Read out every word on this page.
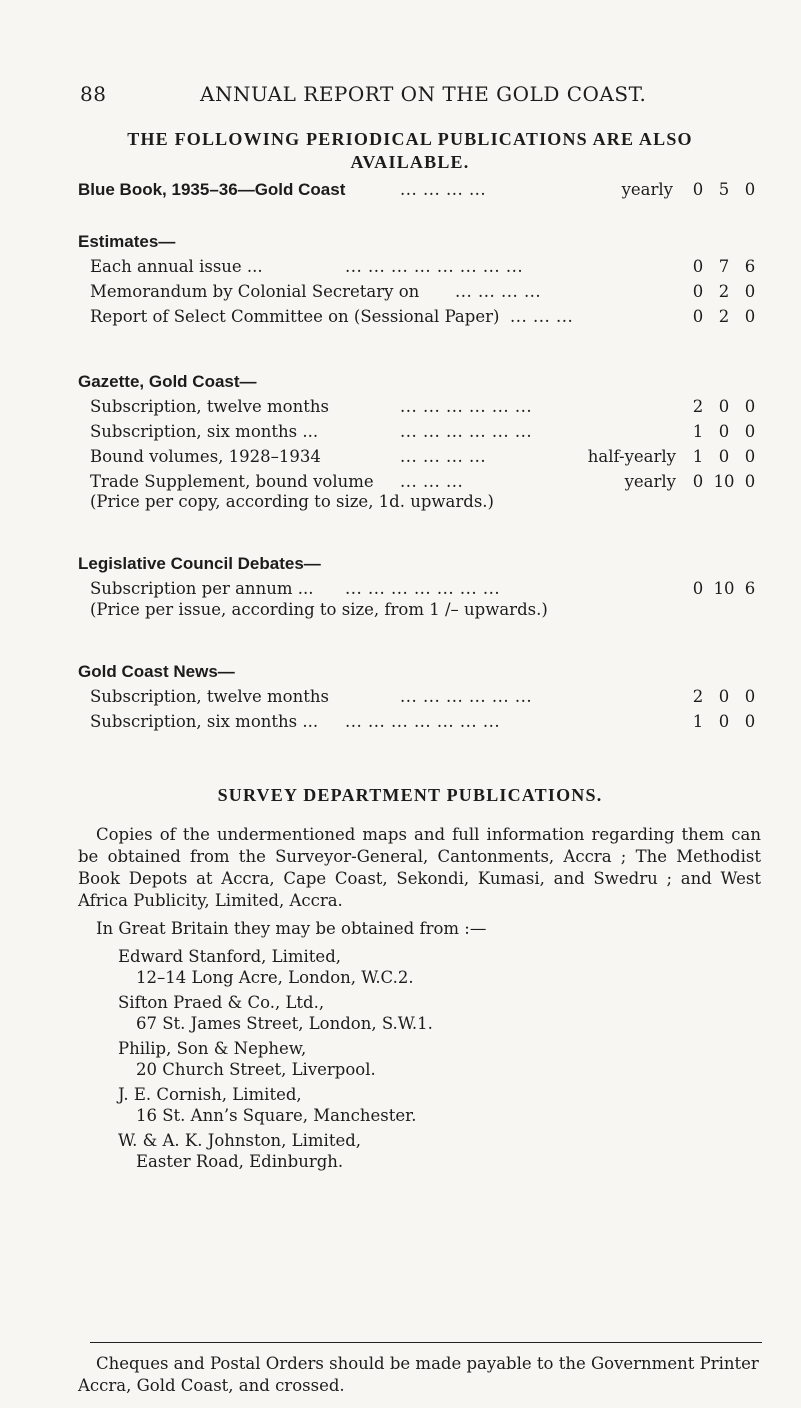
88	ANNUAL REPORT ON THE GOLD COAST.
THE FOLLOWING PERIODICAL PUBLICATIONS ARE ALSO
AVAILABLE.
Blue Book, 1935–36—Gold Coast	... ... ... ...	yearly	0 5 0
Estimates—
Each annual issue ...	... ... ... ... ... ... ... ...	0 7 6
Memorandum by Colonial Secretary on ... ... ... ...	0 2 0
Report of Select Committee on (Sessional Paper) ... ... ...	0 2 0
Gazette, Gold Coast—
Subscription, twelve months	... ... ... ... ... ...	2 0 0
Subscription, six months ...	... ... ... ... ... ...	1 0 0
Bound volumes, 1928–1934	... ... ... ...	half-yearly	1 0 0
Trade Supplement, bound volume ... ... ...	yearly	0 10 0
(Price per copy, according to size, 1d. upwards.)
Legislative Council Debates—
Subscription per annum ... ... ... ... ... ... ... ...	0 10 6
(Price per issue, according to size, from 1 /– upwards.)
Gold Coast News—
Subscription, twelve months	... ... ... ... ... ...	2 0 0
Subscription, six months ... ... ... ... ... ... ... ...	1 0 0
SURVEY DEPARTMENT PUBLICATIONS.
Copies of the undermentioned maps and full information regarding them can be obtained from the Surveyor-General, Cantonments, Accra ; The Methodist Book Depots at Accra, Cape Coast, Sekondi, Kumasi, and Swedru ; and West Africa Publicity, Limited, Accra.
In Great Britain they may be obtained from :—
Edward Stanford, Limited,
12–14 Long Acre, London, W.C.2.
Sifton Praed & Co., Ltd.,
67 St. James Street, London, S.W.1.
Philip, Son & Nephew,
20 Church Street, Liverpool.
J. E. Cornish, Limited,
16 St. Ann’s Square, Manchester.
W. & A. K. Johnston, Limited,
Easter Road, Edinburgh.
Cheques and Postal Orders should be made payable to the Government Printer Accra, Gold Coast, and crossed.
